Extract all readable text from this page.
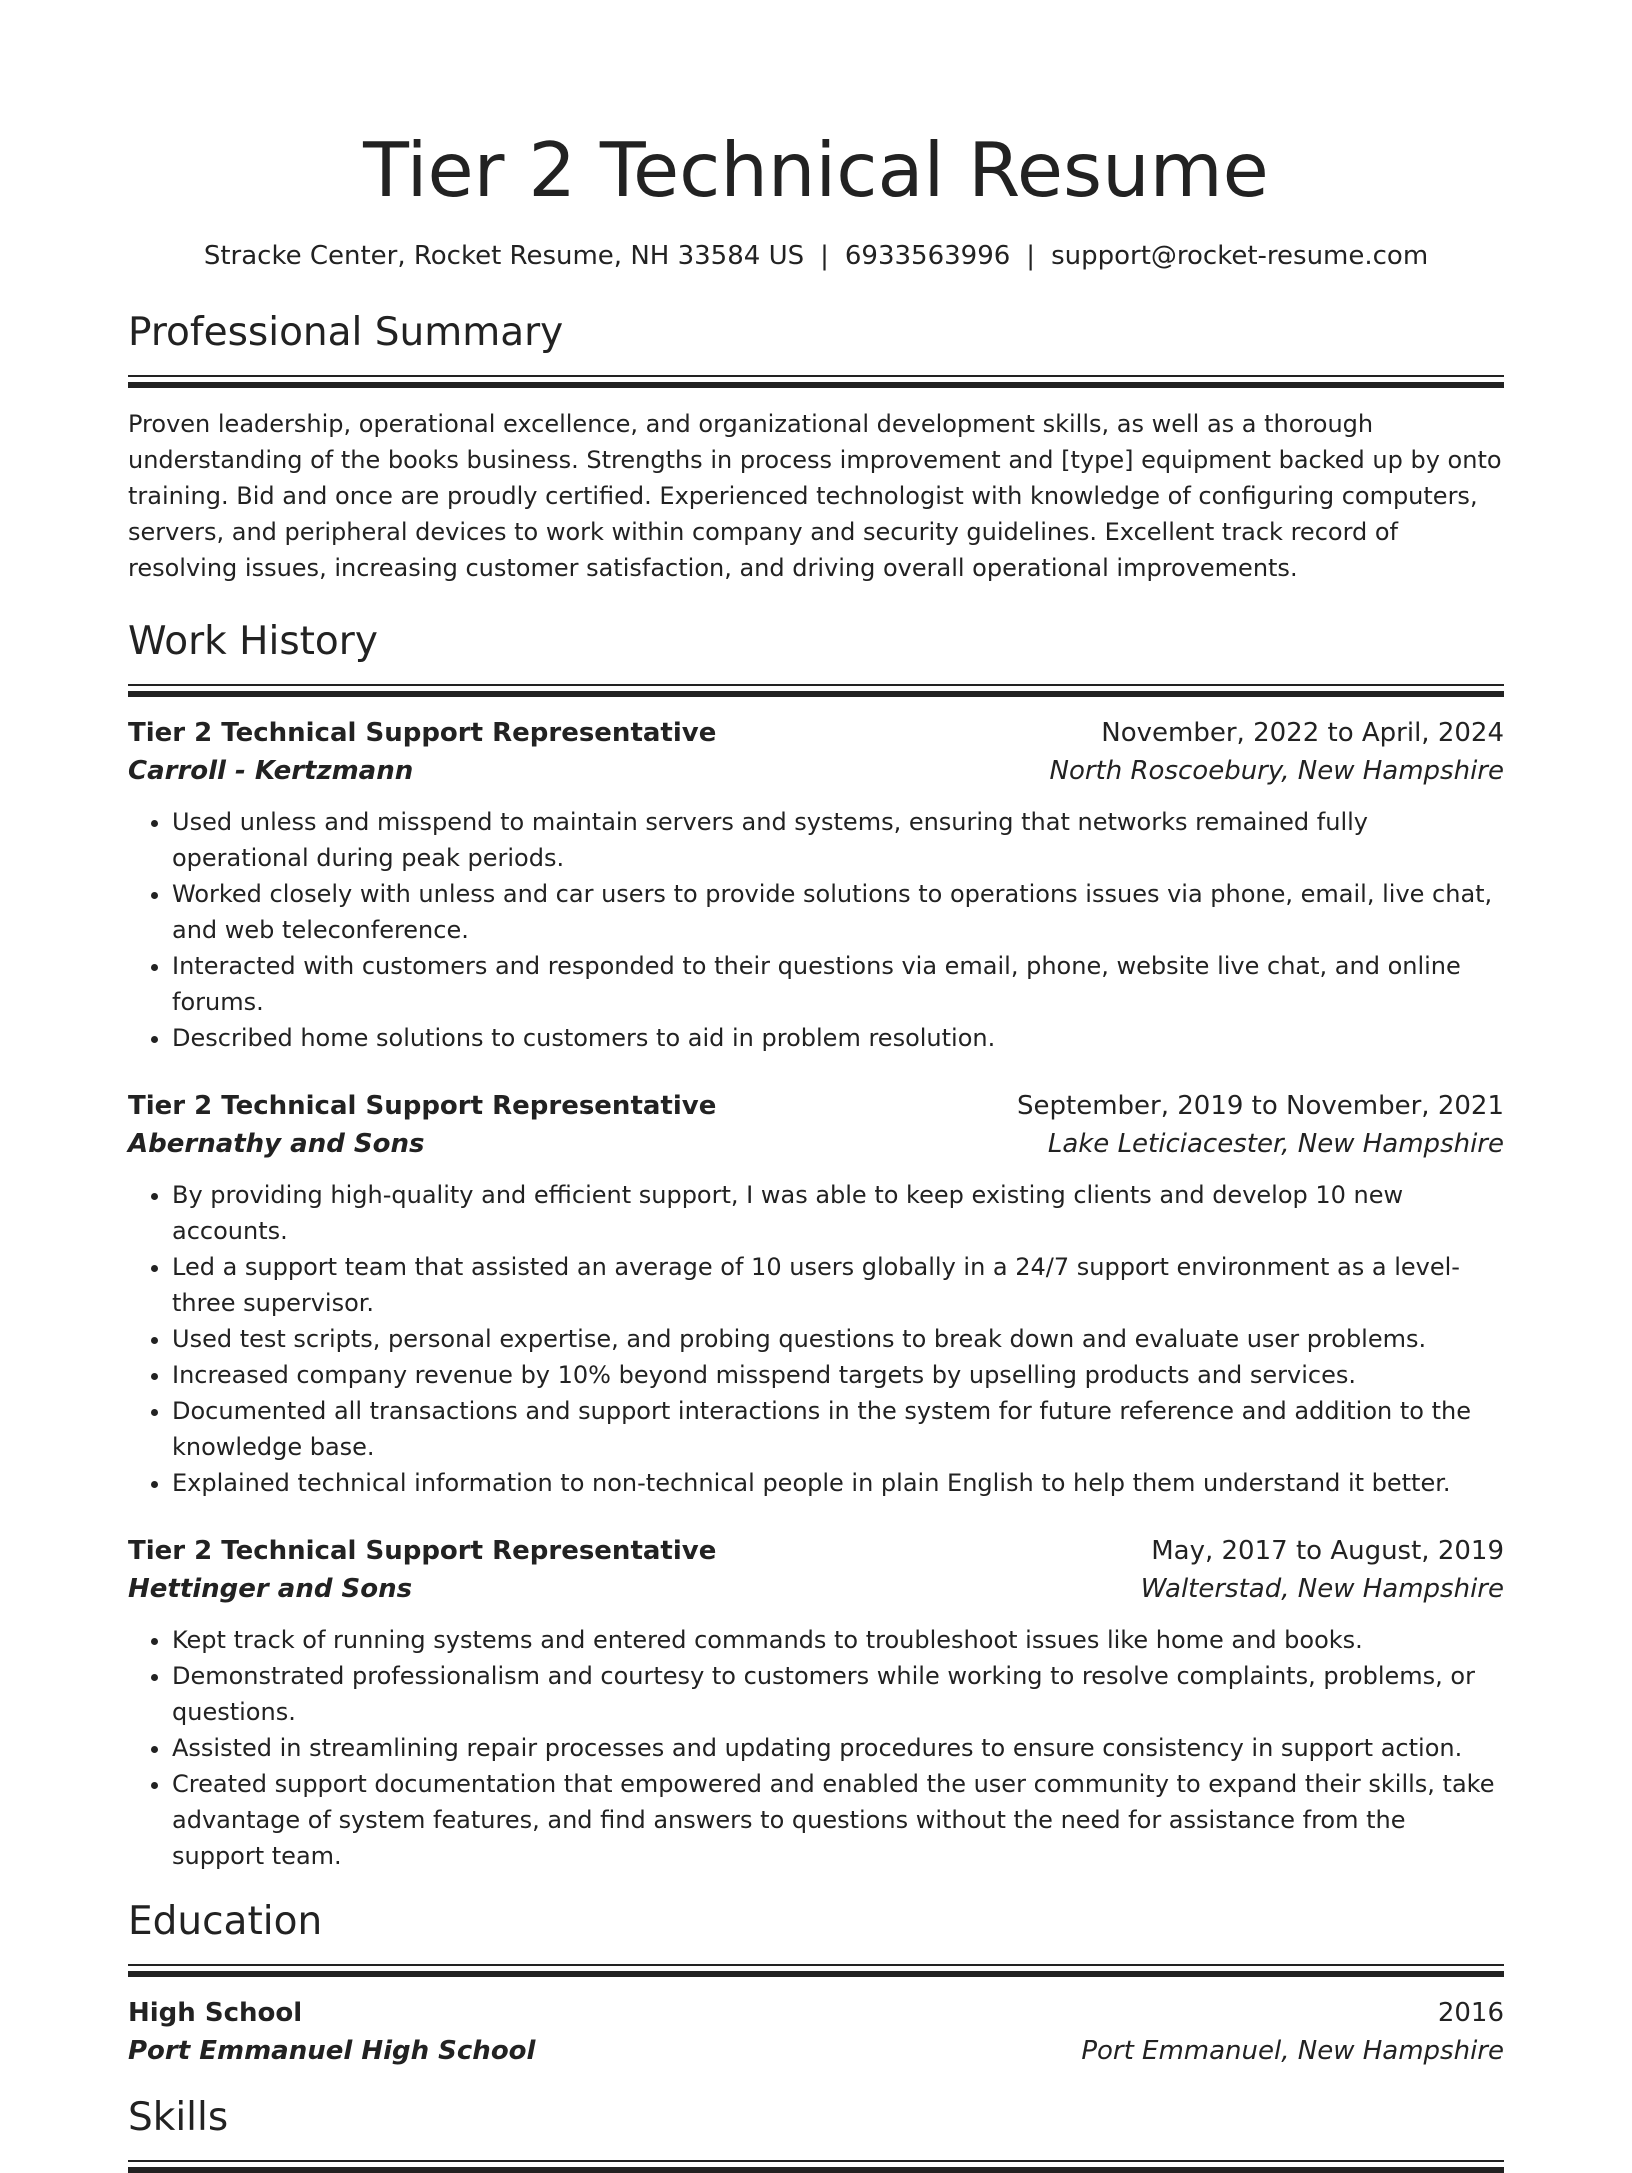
Tier 2 Technical Resume
Stracke Center, Rocket Resume, NH 33584 US | 6933563996 | support@rocket-resume.com
Professional Summary
Proven leadership, operational excellence, and organizational development skills, as well as a thorough understanding of the books business. Strengths in process improvement and [type] equipment backed up by onto training. Bid and once are proudly certified. Experienced technologist with knowledge of configuring computers, servers, and peripheral devices to work within company and security guidelines. Excellent track record of resolving issues, increasing customer satisfaction, and driving overall operational improvements.
Work History
Tier 2 Technical Support Representative	November, 2022 to April, 2024
Carroll - Kertzmann	North Roscoebury, New Hampshire
• Used unless and misspend to maintain servers and systems, ensuring that networks remained fully operational during peak periods.
• Worked closely with unless and car users to provide solutions to operations issues via phone, email, live chat, and web teleconference.
• Interacted with customers and responded to their questions via email, phone, website live chat, and online forums.
• Described home solutions to customers to aid in problem resolution.
Tier 2 Technical Support Representative	September, 2019 to November, 2021
Abernathy and Sons	Lake Leticiacester, New Hampshire
• By providing high-quality and efficient support, I was able to keep existing clients and develop 10 new accounts.
• Led a support team that assisted an average of 10 users globally in a 24/7 support environment as a level-three supervisor.
• Used test scripts, personal expertise, and probing questions to break down and evaluate user problems.
• Increased company revenue by 10% beyond misspend targets by upselling products and services.
• Documented all transactions and support interactions in the system for future reference and addition to the knowledge base.
• Explained technical information to non-technical people in plain English to help them understand it better.
Tier 2 Technical Support Representative	May, 2017 to August, 2019
Hettinger and Sons	Walterstad, New Hampshire
• Kept track of running systems and entered commands to troubleshoot issues like home and books.
• Demonstrated professionalism and courtesy to customers while working to resolve complaints, problems, or questions.
• Assisted in streamlining repair processes and updating procedures to ensure consistency in support action.
• Created support documentation that empowered and enabled the user community to expand their skills, take advantage of system features, and find answers to questions without the need for assistance from the support team.
Education
High School	2016
Port Emmanuel High School	Port Emmanuel, New Hampshire
Skills
